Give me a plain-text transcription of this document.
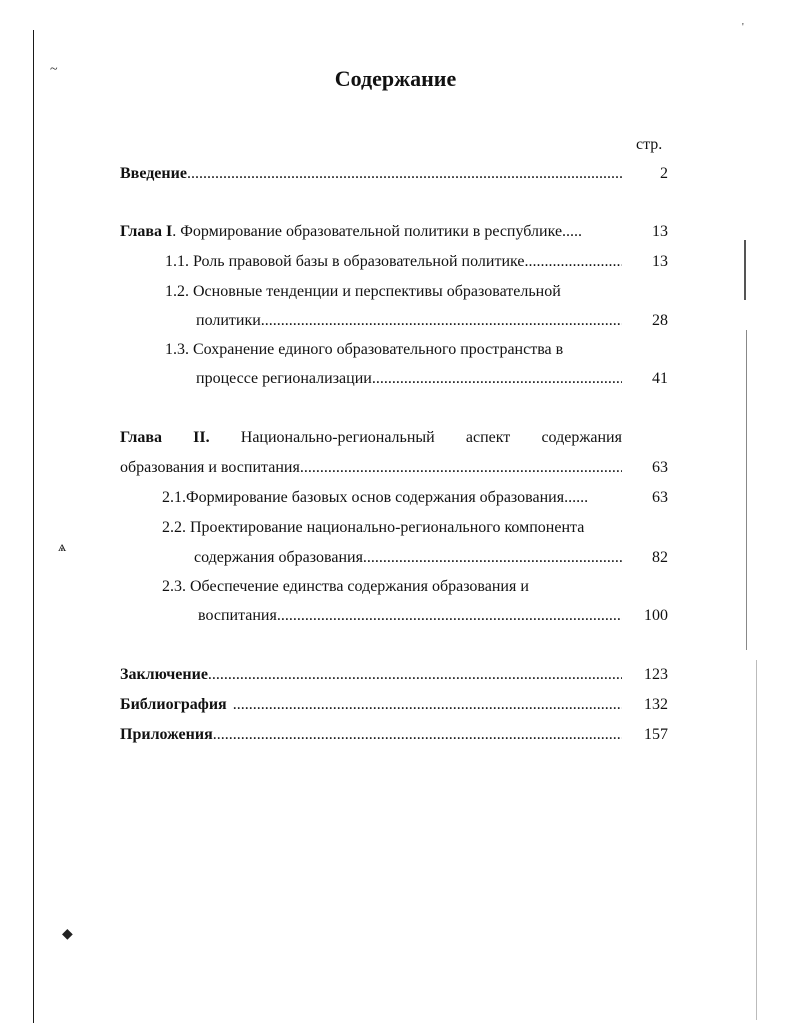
~
ѧ
◆
'
Содержание
стр.
Введение .....	2
Глава I. Формирование образовательной политики в республике.....	13
1.1. Роль правовой базы в образовательной политике .....	13
1.2. Основные тенденции и перспективы образовательной
политики .....	28
1.3. Сохранение единого образовательного пространства в
процессе регионализации .....	41
Глава II. Национально-региональный аспект содержания
образования и воспитания .....	63
2.1.Формирование базовых основ содержания образования......	63
2.2. Проектирование национально-регионального компонента
содержания образования .....	82
2.3. Обеспечение единства содержания образования и
воспитания .....	100
Заключение .....	123
Библиография .....	132
Приложения .....	157
